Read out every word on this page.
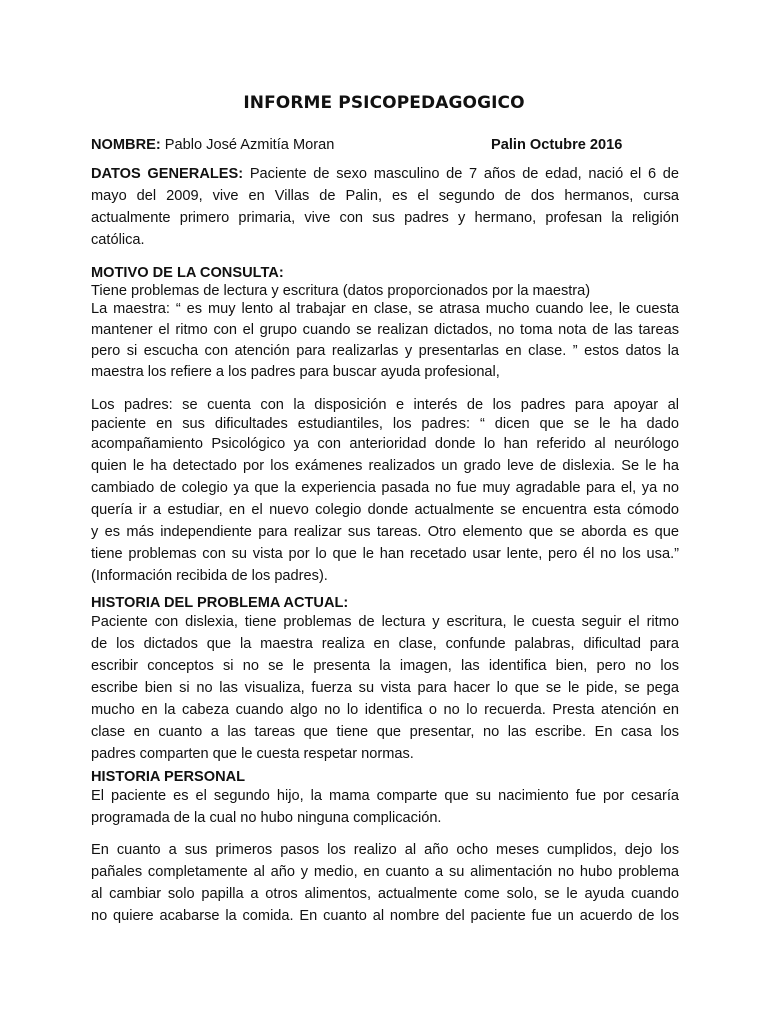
INFORME PSICOPEDAGOGICO
NOMBRE: Pablo José Azmitía Moran	Palin Octubre 2016
DATOS GENERALES: Paciente de sexo masculino de 7 años de edad, nació el 6 de
mayo del 2009, vive en Villas de Palin, es el segundo de dos hermanos, cursa
actualmente primero primaria, vive con sus padres y hermano, profesan la religión
católica.
MOTIVO DE LA CONSULTA:
Tiene problemas de lectura y escritura (datos proporcionados por la maestra)
La maestra: “ es muy lento al trabajar en clase, se atrasa mucho cuando lee, le cuesta
mantener el ritmo con el grupo cuando se realizan dictados, no toma nota de las tareas
pero si escucha con atención para realizarlas y presentarlas en clase. ” estos datos la
maestra los refiere a los padres para buscar ayuda profesional,
Los padres: se cuenta con la disposición e interés de los padres para apoyar al
paciente en sus dificultades estudiantiles, los padres: “ dicen que se le ha dado
acompañamiento Psicológico ya con anterioridad donde lo han referido al neurólogo
quien le ha detectado por los exámenes realizados un grado leve de dislexia. Se le ha
cambiado de colegio ya que la experiencia pasada no fue muy agradable para el, ya no
quería ir a estudiar, en el nuevo colegio donde actualmente se encuentra esta cómodo
y es más independiente para realizar sus tareas. Otro elemento que se aborda es que
tiene problemas con su vista por lo que le han recetado usar lente, pero él no los usa.”
(Información recibida de los padres).
HISTORIA DEL PROBLEMA ACTUAL:
Paciente con dislexia, tiene problemas de lectura y escritura, le cuesta seguir el ritmo
de los dictados que la maestra realiza en clase, confunde palabras, dificultad para
escribir conceptos si no se le presenta la imagen, las identifica bien, pero no los
escribe bien si no las visualiza, fuerza su vista para hacer lo que se le pide, se pega
mucho en la cabeza cuando algo no lo identifica o no lo recuerda. Presta atención en
clase en cuanto a las tareas que tiene que presentar, no las escribe. En casa los
padres comparten que le cuesta respetar normas.
HISTORIA PERSONAL
El paciente es el segundo hijo, la mama comparte que su nacimiento fue por cesaría
programada de la cual no hubo ninguna complicación.
En cuanto a sus primeros pasos los realizo al año ocho meses cumplidos, dejo los
pañales completamente al año y medio, en cuanto a su alimentación no hubo problema
al cambiar solo papilla a otros alimentos, actualmente come solo, se le ayuda cuando
no quiere acabarse la comida. En cuanto al nombre del paciente fue un acuerdo de los
